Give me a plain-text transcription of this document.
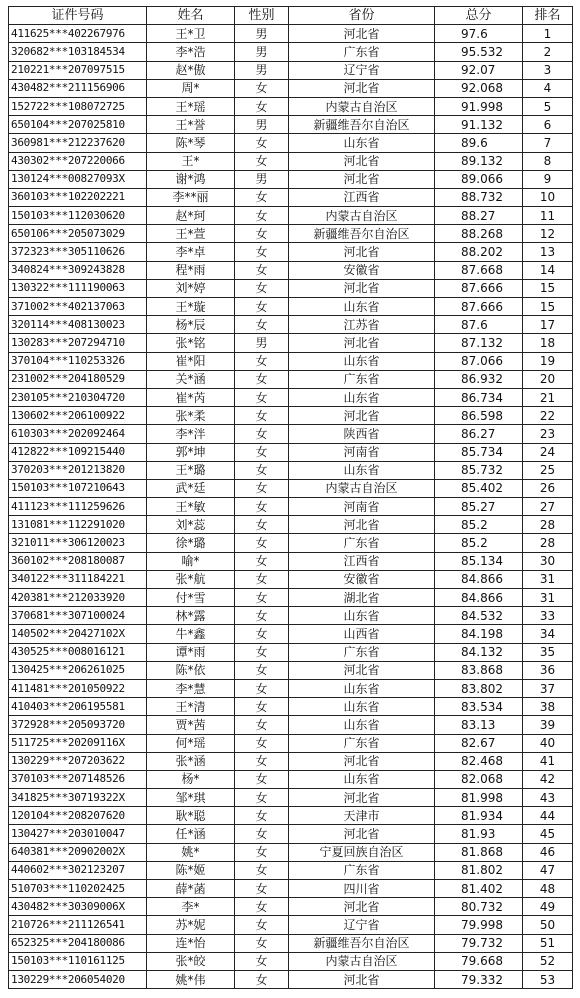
证件号码	姓名	性别	省份	总分	排名
411625***402267976	王*卫	男	河北省	97.6	1
320682***103184534	李*浩	男	广东省	95.532	2
210221***207097515	赵*傲	男	辽宁省	92.07	3
430482***211156906	周*	女	河北省	92.068	4
152722***108072725	王*瑶	女	内蒙古自治区	91.998	5
650104***207025810	王*誉	男	新疆维吾尔自治区	91.132	6
360981***212237620	陈*琴	女	山东省	89.6	7
430302***207220066	王*	女	河北省	89.132	8
130124***00827093X	谢*鸿	男	河北省	89.066	9
360103***102202221	李**丽	女	江西省	88.732	10
150103***112030620	赵*珂	女	内蒙古自治区	88.27	11
650106***205073029	王*萱	女	新疆维吾尔自治区	88.268	12
372323***305110626	李*卓	女	河北省	88.202	13
340824***309243828	程*雨	女	安徽省	87.668	14
130322***111190063	刘*婷	女	河北省	87.666	15
371002***402137063	王*璇	女	山东省	87.666	15
320114***408130023	杨*辰	女	江苏省	87.6	17
130283***207294710	张*铭	男	河北省	87.132	18
370104***110253326	崔*阳	女	山东省	87.066	19
231002***204180529	关*涵	女	广东省	86.932	20
230105***210304720	崔*芮	女	山东省	86.734	21
130602***206100922	张*柔	女	河北省	86.598	22
610303***202092464	李*泮	女	陕西省	86.27	23
412822***109215440	郭*坤	女	河南省	85.734	24
370203***201213820	王*璐	女	山东省	85.732	25
150103***107210643	武*廷	女	内蒙古自治区	85.402	26
411123***111259626	王*敏	女	河南省	85.27	27
131081***112291020	刘*蕊	女	河北省	85.2	28
321011***306120023	徐*璐	女	广东省	85.2	28
360102***208180087	喻*	女	江西省	85.134	30
340122***311184221	张*航	女	安徽省	84.866	31
420381***212033920	付*雪	女	湖北省	84.866	31
370681***307100024	林*露	女	山东省	84.532	33
140502***20427102X	牛*鑫	女	山西省	84.198	34
430525***008016121	谭*雨	女	广东省	84.132	35
130425***206261025	陈*依	女	河北省	83.868	36
411481***201050922	李*慧	女	山东省	83.802	37
410403***206195581	王*清	女	山东省	83.534	38
372928***205093720	贾*茜	女	山东省	83.13	39
511725***20209116X	何*瑶	女	广东省	82.67	40
130229***207203622	张*涵	女	河北省	82.468	41
370103***207148526	杨*	女	山东省	82.068	42
341825***30719322X	邹*琪	女	河北省	81.998	43
120104***208207620	耿*聪	女	天津市	81.934	44
130427***203010047	任*涵	女	河北省	81.93	45
640381***20902002X	姚*	女	宁夏回族自治区	81.868	46
440602***302123207	陈*姬	女	广东省	81.802	47
510703***110202425	薛*菡	女	四川省	81.402	48
430482***30309006X	李*	女	河北省	80.732	49
210726***211126541	苏*妮	女	辽宁省	79.998	50
652325***204180086	连*怡	女	新疆维吾尔自治区	79.732	51
150103***110161125	张*皎	女	内蒙古自治区	79.668	52
130229***206054020	姚*伟	女	河北省	79.332	53
